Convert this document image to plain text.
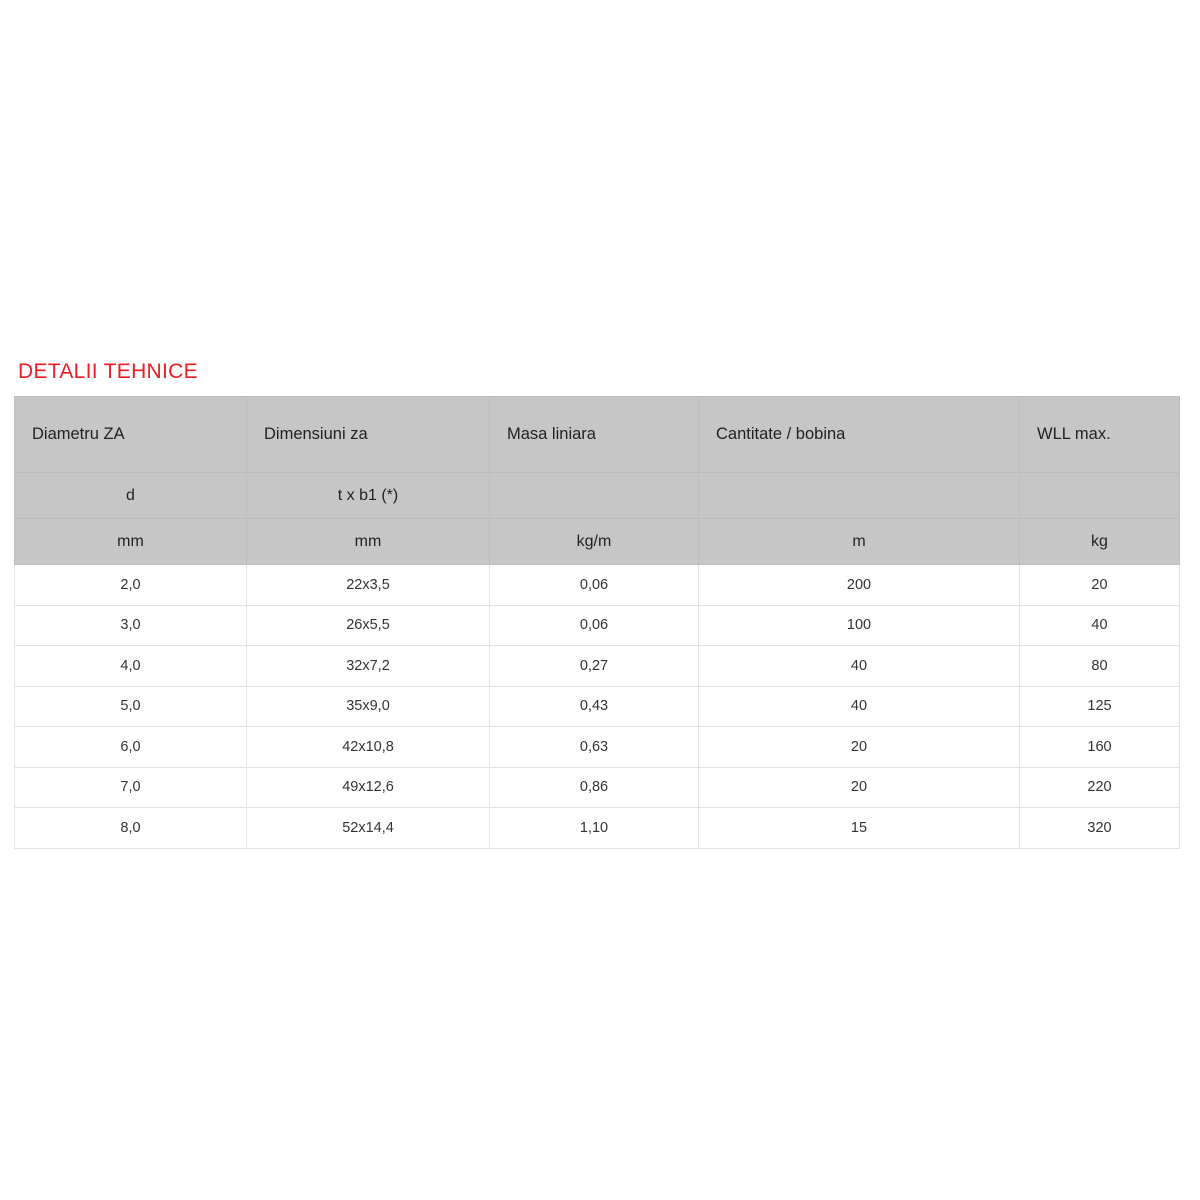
DETALII TEHNICE
Diametru ZA	Dimensiuni za	Masa liniara	Cantitate / bobina	WLL max.
d	t x b1 (*)			
mm	mm	kg/m	m	kg
2,0	22x3,5	0,06	200	20
3,0	26x5,5	0,06	100	40
4,0	32x7,2	0,27	40	80
5,0	35x9,0	0,43	40	125
6,0	42x10,8	0,63	20	160
7,0	49x12,6	0,86	20	220
8,0	52x14,4	1,10	15	320
